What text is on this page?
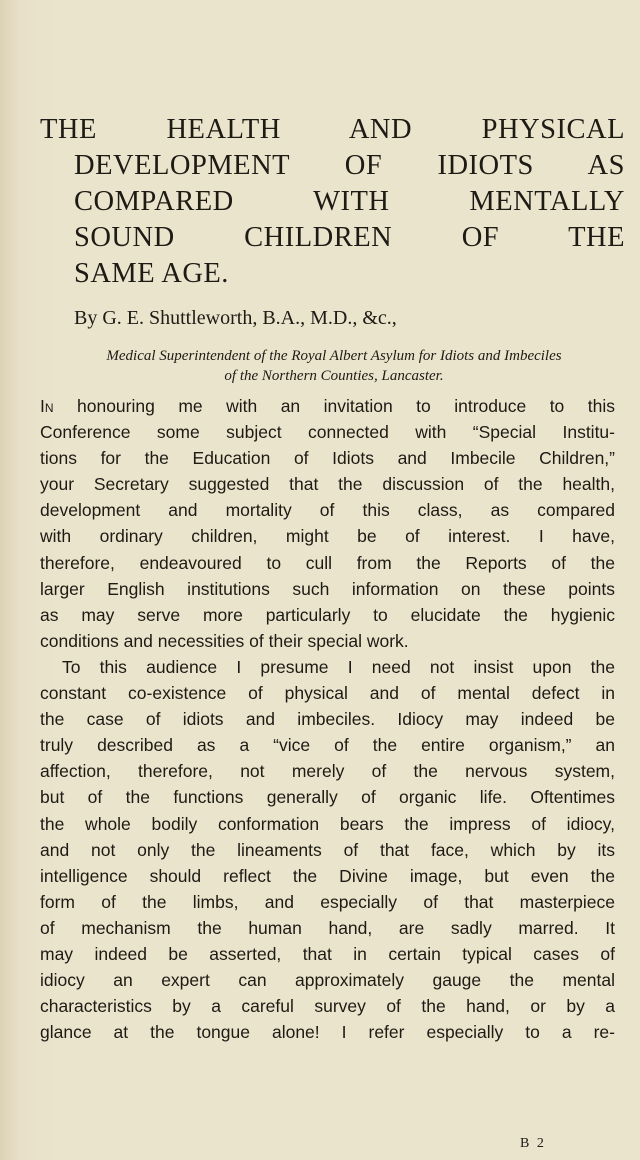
THE HEALTH AND PHYSICAL
DEVELOPMENT OF IDIOTS AS
COMPARED WITH MENTALLY
SOUND CHILDREN OF THE
SAME AGE.
By G. E. Shuttleworth, B.A., M.D., &c.,
Medical Superintendent of the Royal Albert Asylum for Idiots and Imbeciles
of the Northern Counties, Lancaster.
In honouring me with an invitation to introduce to this
Conference some subject connected with “Special Institu-
tions for the Education of Idiots and Imbecile Children,”
your Secretary suggested that the discussion of the health,
development and mortality of this class, as compared
with ordinary children, might be of interest. I have,
therefore, endeavoured to cull from the Reports of the
larger English institutions such information on these points
as may serve more particularly to elucidate the hygienic
conditions and necessities of their special work.
To this audience I presume I need not insist upon the
constant co-existence of physical and of mental defect in
the case of idiots and imbeciles. Idiocy may indeed be
truly described as a “vice of the entire organism,” an
affection, therefore, not merely of the nervous system,
but of the functions generally of organic life. Oftentimes
the whole bodily conformation bears the impress of idiocy,
and not only the lineaments of that face, which by its
intelligence should reflect the Divine image, but even the
form of the limbs, and especially of that masterpiece
of mechanism the human hand, are sadly marred. It
may indeed be asserted, that in certain typical cases of
idiocy an expert can approximately gauge the mental
characteristics by a careful survey of the hand, or by a
glance at the tongue alone! I refer especially to a re-
B 2
